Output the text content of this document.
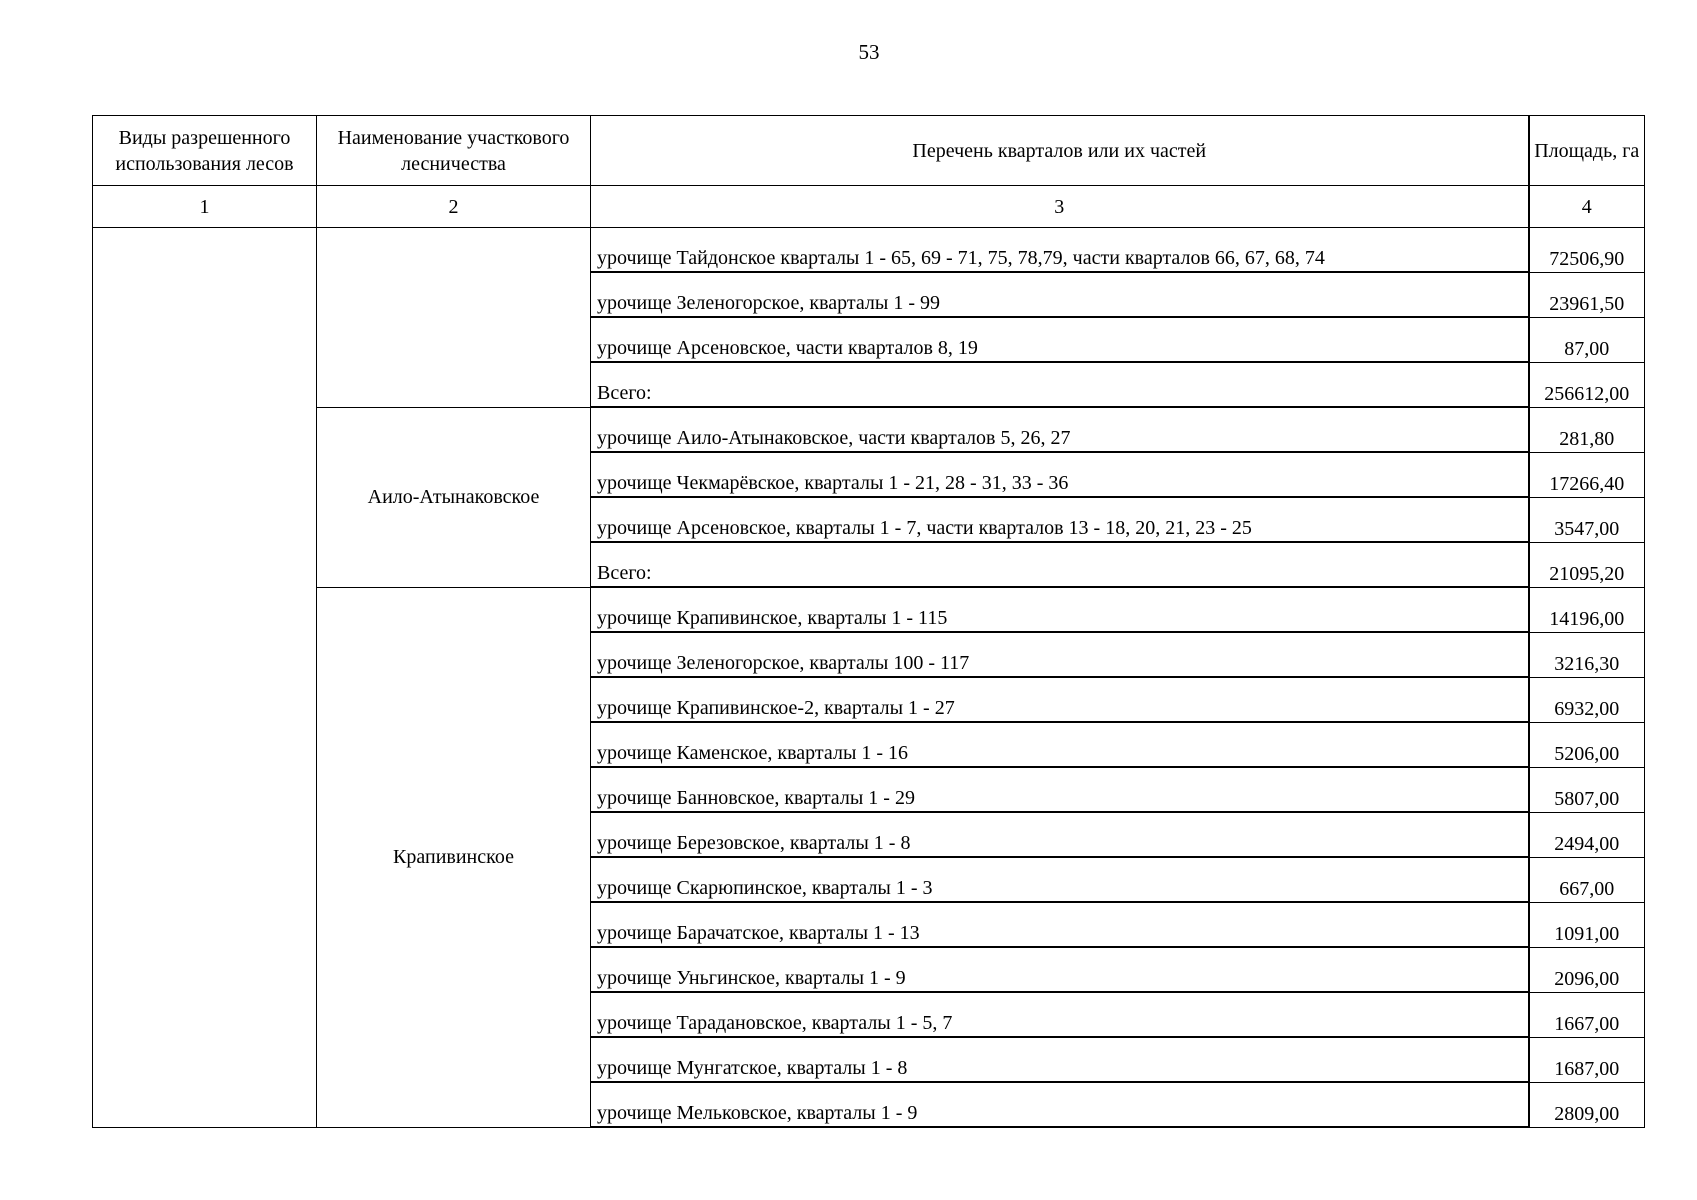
53
Виды разрешенного использования лесов	Наименование участкового лесничества	Перечень кварталов или их частей	Площадь, га
1	2	3	4
		урочище Тайдонское кварталы 1 - 65, 69 - 71, 75, 78,79, части кварталов 66, 67, 68, 74	72506,90
		урочище Зеленогорское, кварталы 1 - 99	23961,50
		урочище Арсеновское, части кварталов 8, 19	87,00
		Всего:	256612,00
	Аило-Атынаковское	урочище Аило-Атынаковское, части кварталов 5, 26, 27	281,80
		урочище Чекмарёвское, кварталы 1 - 21, 28 - 31, 33 - 36	17266,40
		урочище Арсеновское, кварталы 1 - 7, части кварталов 13 - 18, 20, 21, 23 - 25	3547,00
		Всего:	21095,20
	Крапивинское	урочище Крапивинское, кварталы 1 - 115	14196,00
		урочище Зеленогорское, кварталы 100 - 117	3216,30
		урочище Крапивинское-2, кварталы 1 - 27	6932,00
		урочище Каменское, кварталы 1 - 16	5206,00
		урочище Банновское, кварталы 1 - 29	5807,00
		урочище Березовское, кварталы 1 - 8	2494,00
		урочище Скарюпинское, кварталы 1 - 3	667,00
		урочище Барачатское, кварталы 1 - 13	1091,00
		урочище Уньгинское, кварталы 1 - 9	2096,00
		урочище Тараданoвское, кварталы 1 - 5, 7	1667,00
		урочище Мунгатское, кварталы 1 - 8	1687,00
		урочище Мельковское, кварталы 1 - 9	2809,00
